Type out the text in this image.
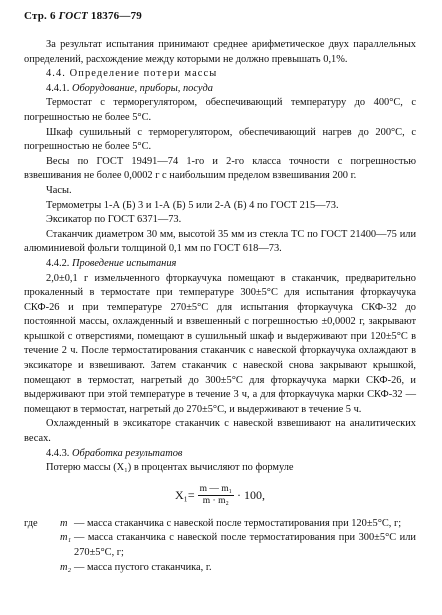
Стр. 6 ГОСТ 18376—79

За результат испытания принимают среднее арифметическое двух параллельных определений, расхождение между которыми не должно превышать 0,1%.

4.4. Определение потери массы

4.4.1. Оборудование, приборы, посуда

Термостат с терморегулятором, обеспечивающий температуру до 400°С, с погрешностью не более 5°С.

Шкаф сушильный с терморегулятором, обеспечивающий нагрев до 200°С, с погрешностью не более 5°С.

Весы по ГОСТ 19491—74 1-го и 2-го класса точности с погрешностью взвешивания не более 0,0002 г с наибольшим пределом взвешивания 200 г.

Часы.

Термометры 1-А (Б) 3 и 1-А (Б) 5 или 2-А (Б) 4 по ГОСТ 215—73.

Эксикатор по ГОСТ 6371—73.

Стаканчик диаметром 30 мм, высотой 35 мм из стекла ТС по ГОСТ 21400—75 или алюминиевой фольги толщиной 0,1 мм по ГОСТ 618—73.

4.4.2. Проведение испытания

2,0±0,1 г измельченного фторкаучука помещают в стаканчик, предварительно прокаленный в термостате при температуре 300±5°С для испытания фторкаучука СКФ-26 и при температуре 270±5°С для испытания фторкаучука СКФ-32 до постоянной массы, охлажденный и взвешенный с погрешностью ±0,0002 г, закрывают крышкой с отверстиями, помещают в сушильный шкаф и выдерживают при 120±5°С в течение 2 ч. После термостатирования стаканчик с навеской фторкаучука охлаждают в эксикаторе и взвешивают. Затем стаканчик с навеской снова закрывают крышкой, помещают в термостат, нагретый до 300±5°С для фторкаучука марки СКФ-26, и выдерживают при этой температуре в течение 3 ч, а для фторкаучука марки СКФ-32 — помещают в термостат, нагретый до 270±5°С, и выдерживают в течение 5 ч.

Охлажденный в эксикаторе стаканчик с навеской взвешивают на аналитических весах.

4.4.3. Обработка результатов

Потерю массы (X₁) в процентах вычисляют по формуле

$X_1= \frac{\text{m — m₁}}{\text{m · m₂}} \cdot 100$,
где	m — масса стаканчика с навеской после термостатирования при 120±5°С, г;
m₁ — масса стаканчика с навеской после термостатирования при 300±5°С или 270±5°С, г;
m₂ — масса пустого стаканчика, г.
